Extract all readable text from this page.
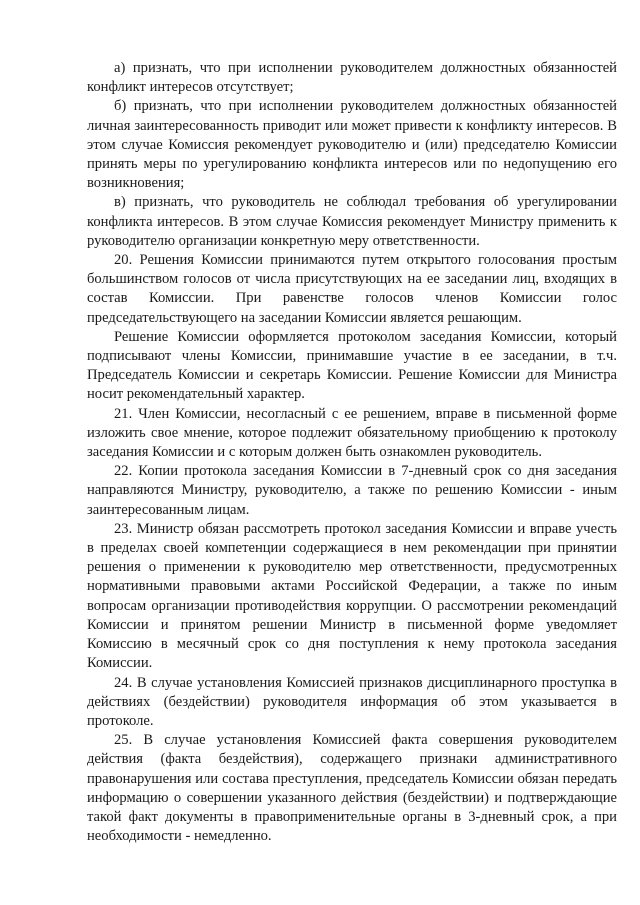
а) признать, что при исполнении руководителем должностных обязанностей конфликт интересов отсутствует;

б) признать, что при исполнении руководителем должностных обязанностей личная заинтересованность приводит или может привести к конфликту интересов. В этом случае Комиссия рекомендует руководителю и (или) председателю Комиссии принять меры по урегулированию конфликта интересов или по недопущению его возникновения;

в) признать, что руководитель не соблюдал требования об урегулировании конфликта интересов. В этом случае Комиссия рекомендует Министру применить к руководителю организации конкретную меру ответственности.

20. Решения Комиссии принимаются путем открытого голосования простым большинством голосов от числа присутствующих на ее заседании лиц, входящих в состав Комиссии. При равенстве голосов членов Комиссии голос председательствующего на заседании Комиссии является решающим.

Решение Комиссии оформляется протоколом заседания Комиссии, который подписывают члены Комиссии, принимавшие участие в ее заседании, в т.ч. Председатель Комиссии и секретарь Комиссии. Решение Комиссии для Министра носит рекомендательный характер.

21. Член Комиссии, несогласный с ее решением, вправе в письменной форме изложить свое мнение, которое подлежит обязательному приобщению к протоколу заседания Комиссии и с которым должен быть ознакомлен руководитель.

22. Копии протокола заседания Комиссии в 7-дневный срок со дня заседания направляются Министру, руководителю, а также по решению Комиссии - иным заинтересованным лицам.

23. Министр обязан рассмотреть протокол заседания Комиссии и вправе учесть в пределах своей компетенции содержащиеся в нем рекомендации при принятии решения о применении к руководителю мер ответственности, предусмотренных нормативными правовыми актами Российской Федерации, а также по иным вопросам организации противодействия коррупции. О рассмотрении рекомендаций Комиссии и принятом решении Министр в письменной форме уведомляет Комиссию в месячный срок со дня поступления к нему протокола заседания Комиссии.

24. В случае установления Комиссией признаков дисциплинарного проступка в действиях (бездействии) руководителя информация об этом указывается в протоколе.

25. В случае установления Комиссией факта совершения руководителем действия (факта бездействия), содержащего признаки административного правонарушения или состава преступления, председатель Комиссии обязан передать информацию о совершении указанного действия (бездействии) и подтверждающие такой факт документы в правоприменительные органы в 3-дневный срок, а при необходимости - немедленно.
